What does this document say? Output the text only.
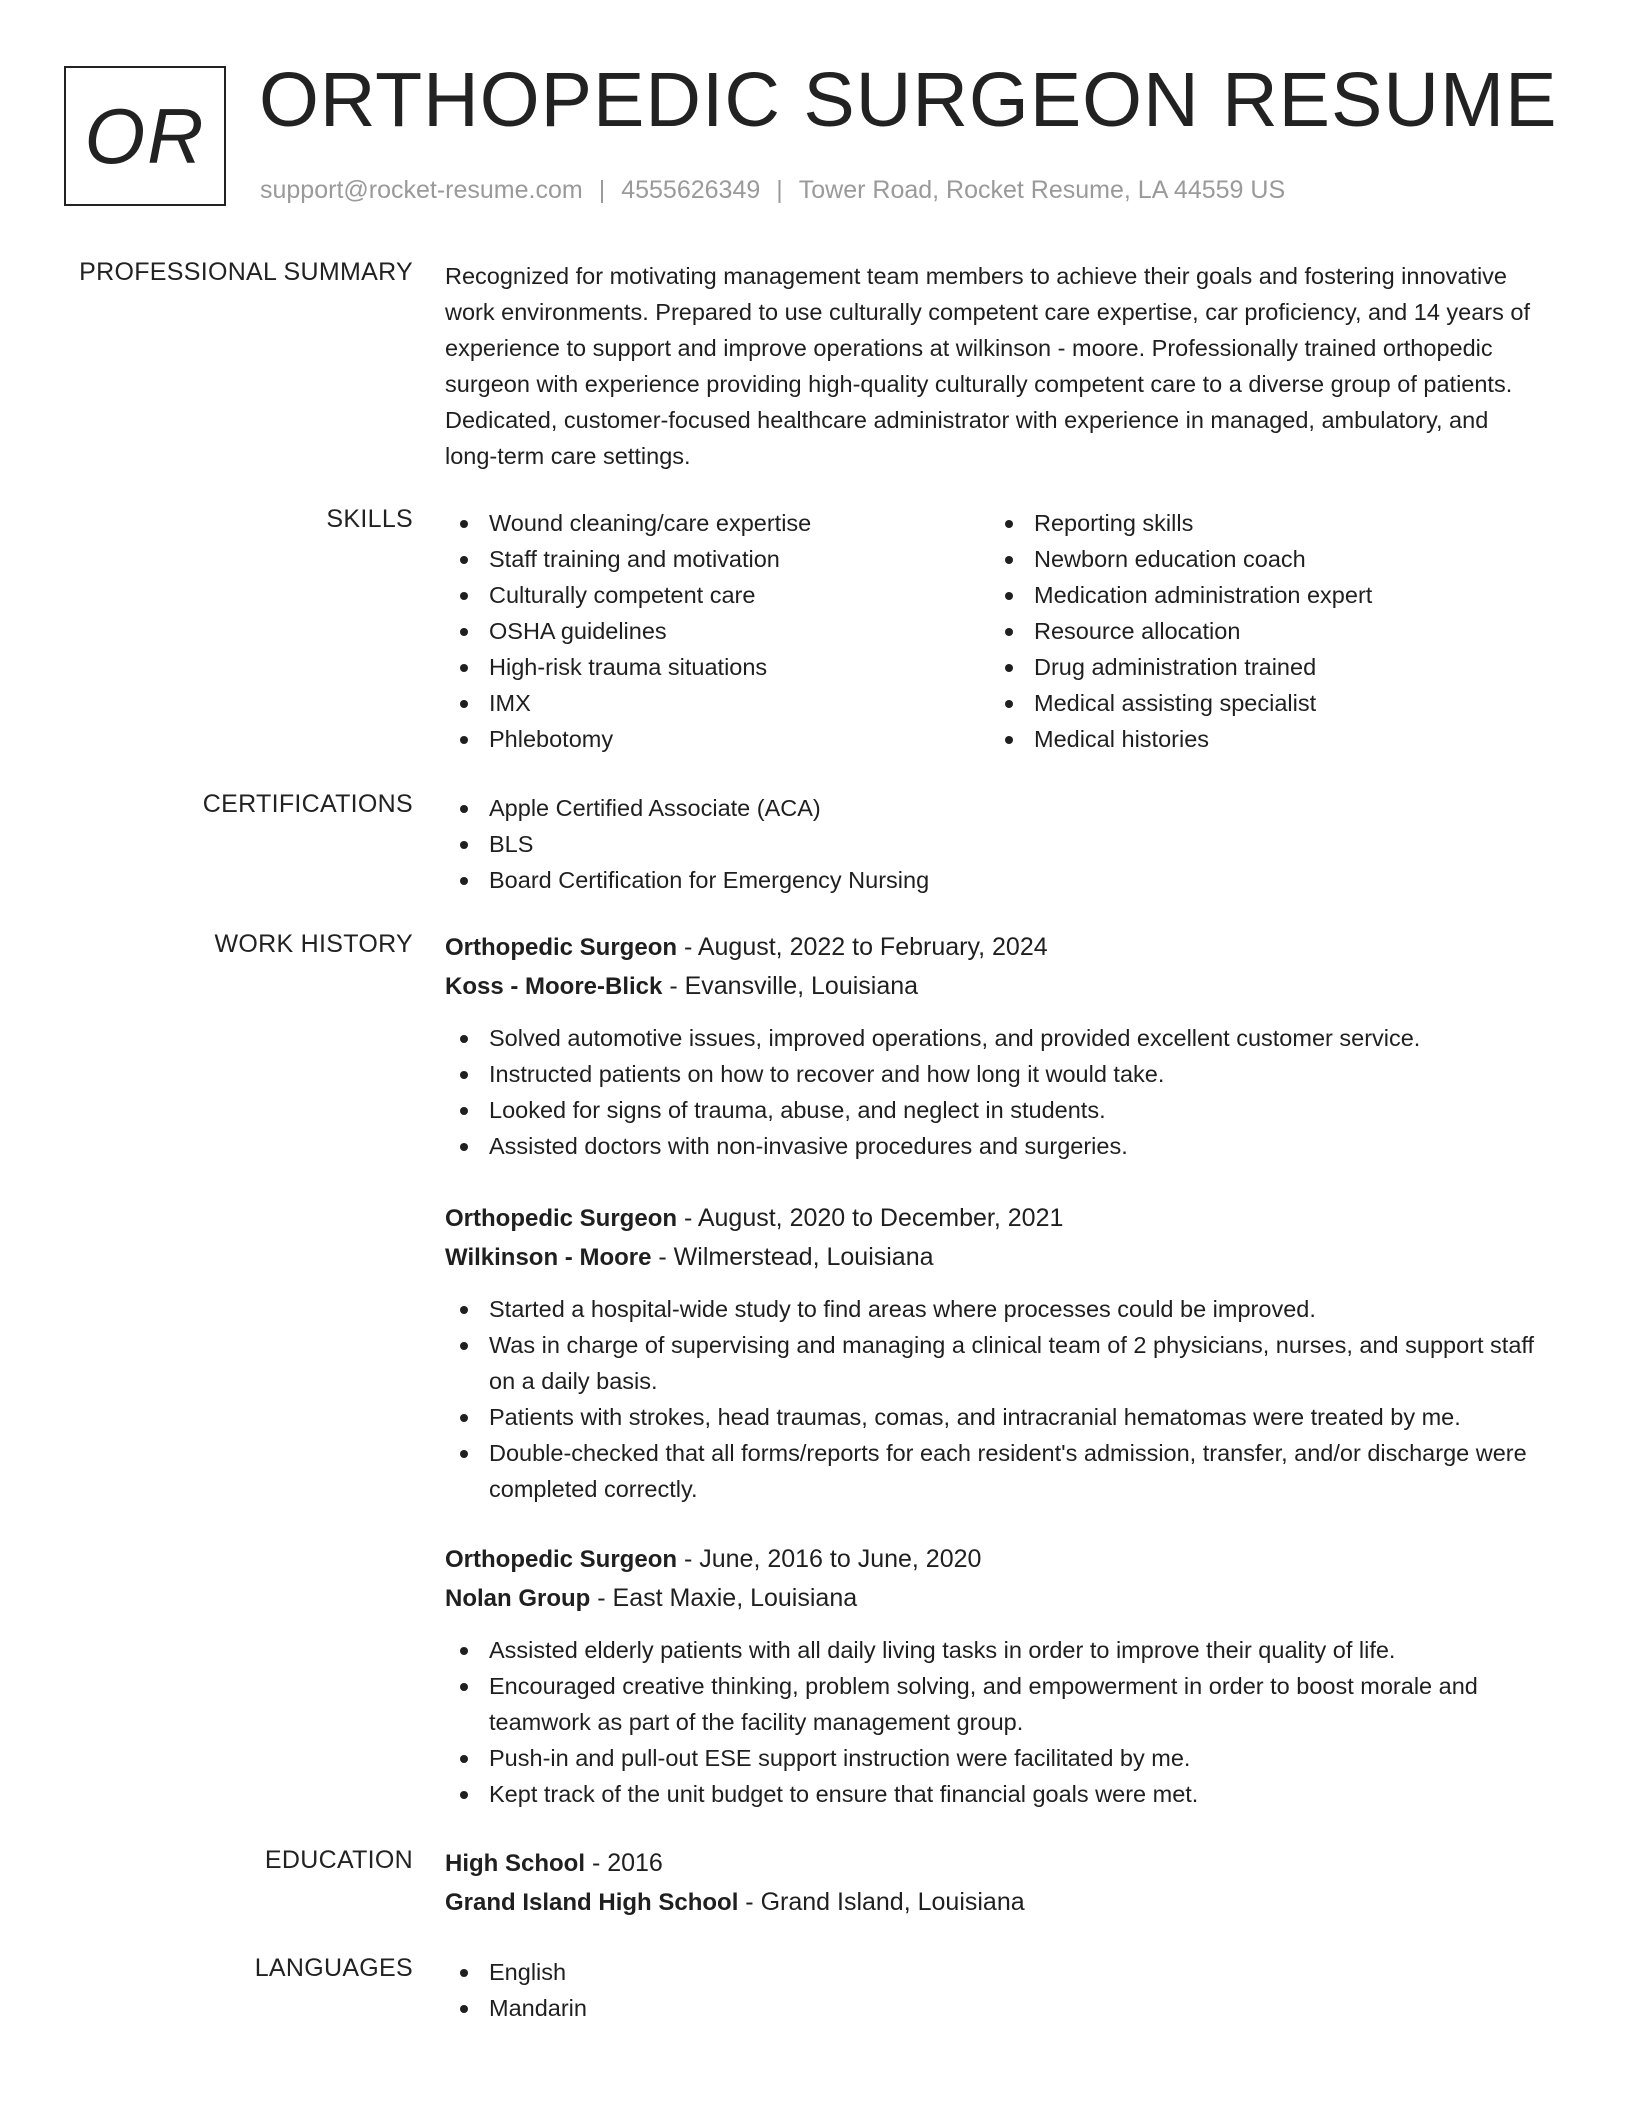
OR ORTHOPEDIC SURGEON RESUME
support@rocket-resume.com | 4555626349 | Tower Road, Rocket Resume, LA 44559 US
PROFESSIONAL SUMMARY Recognized for motivating management team members to achieve their goals and fostering innovative work environments. Prepared to use culturally competent care expertise, car proficiency, and 14 years of experience to support and improve operations at wilkinson - moore. Professionally trained orthopedic surgeon with experience providing high-quality culturally competent care to a diverse group of patients. Dedicated, customer-focused healthcare administrator with experience in managed, ambulatory, and long-term care settings.

SKILLS	Wound cleaning/care expertise
Staff training and motivation
Culturally competent care
OSHA guidelines
High-risk trauma situations
IMX
Phlebotomy
Reporting skills
Newborn education coach
Medication administration expert
Resource allocation
Drug administration trained
Medical assisting specialist
Medical histories
CERTIFICATIONS	Apple Certified Associate (ACA)
BLS
Board Certification for Emergency Nursing
WORK HISTORY Orthopedic Surgeon - August, 2022 to February, 2024
Koss - Moore-Blick - Evansville, Louisiana
Solved automotive issues, improved operations, and provided excellent customer service.
Instructed patients on how to recover and how long it would take.
Looked for signs of trauma, abuse, and neglect in students.
Assisted doctors with non-invasive procedures and surgeries.
Orthopedic Surgeon - August, 2020 to December, 2021
Wilkinson - Moore - Wilmerstead, Louisiana
Started a hospital-wide study to find areas where processes could be improved.
Was in charge of supervising and managing a clinical team of 2 physicians, nurses, and support staff on a daily basis.
Patients with strokes, head traumas, comas, and intracranial hematomas were treated by me.
Double-checked that all forms/reports for each resident's admission, transfer, and/or discharge were completed correctly.
Orthopedic Surgeon - June, 2016 to June, 2020
Nolan Group - East Maxie, Louisiana
Assisted elderly patients with all daily living tasks in order to improve their quality of life.
Encouraged creative thinking, problem solving, and empowerment in order to boost morale and teamwork as part of the facility management group.
Push-in and pull-out ESE support instruction were facilitated by me.
Kept track of the unit budget to ensure that financial goals were met.
EDUCATION High School - 2016
Grand Island High School - Grand Island, Louisiana
LANGUAGES	English
Mandarin
